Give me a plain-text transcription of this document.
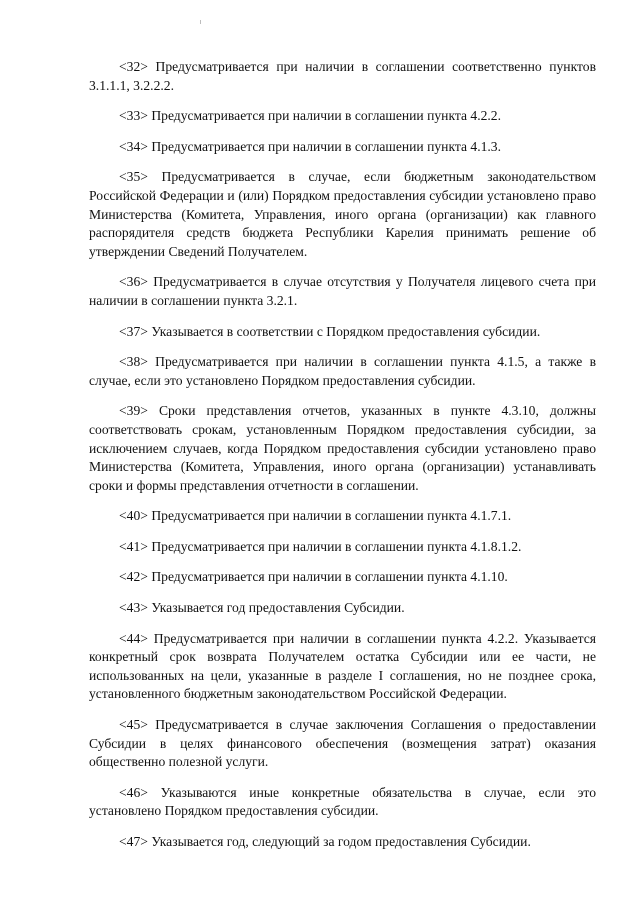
<32> Предусматривается при наличии в соглашении соответственно пунктов 3.1.1.1, 3.2.2.2.

<33> Предусматривается при наличии в соглашении пункта 4.2.2.

<34> Предусматривается при наличии в соглашении пункта 4.1.3.

<35> Предусматривается в случае, если бюджетным законодательством Российской Федерации и (или) Порядком предоставления субсидии установлено право Министерства (Комитета, Управления, иного органа (организации) как главного распорядителя средств бюджета Республики Карелия принимать решение об утверждении Сведений Получателем.

<36> Предусматривается в случае отсутствия у Получателя лицевого счета при наличии в соглашении пункта 3.2.1.

<37> Указывается в соответствии с Порядком предоставления субсидии.

<38> Предусматривается при наличии в соглашении пункта 4.1.5, а также в случае, если это установлено Порядком предоставления субсидии.

<39> Сроки представления отчетов, указанных в пункте 4.3.10, должны соответствовать срокам, установленным Порядком предоставления субсидии, за исключением случаев, когда Порядком предоставления субсидии установлено право Министерства (Комитета, Управления, иного органа (организации) устанавливать сроки и формы представления отчетности в соглашении.

<40> Предусматривается при наличии в соглашении пункта 4.1.7.1.

<41> Предусматривается при наличии в соглашении пункта 4.1.8.1.2.

<42> Предусматривается при наличии в соглашении пункта 4.1.10.

<43> Указывается год предоставления Субсидии.

<44> Предусматривается при наличии в соглашении пункта 4.2.2. Указывается конкретный срок возврата Получателем остатка Субсидии или ее части, не использованных на цели, указанные в разделе I соглашения, но не позднее срока, установленного бюджетным законодательством Российской Федерации.

<45> Предусматривается в случае заключения Соглашения о предоставлении Субсидии в целях финансового обеспечения (возмещения затрат) оказания общественно полезной услуги.

<46> Указываются иные конкретные обязательства в случае, если это установлено Порядком предоставления субсидии.

<47> Указывается год, следующий за годом предоставления Субсидии.
